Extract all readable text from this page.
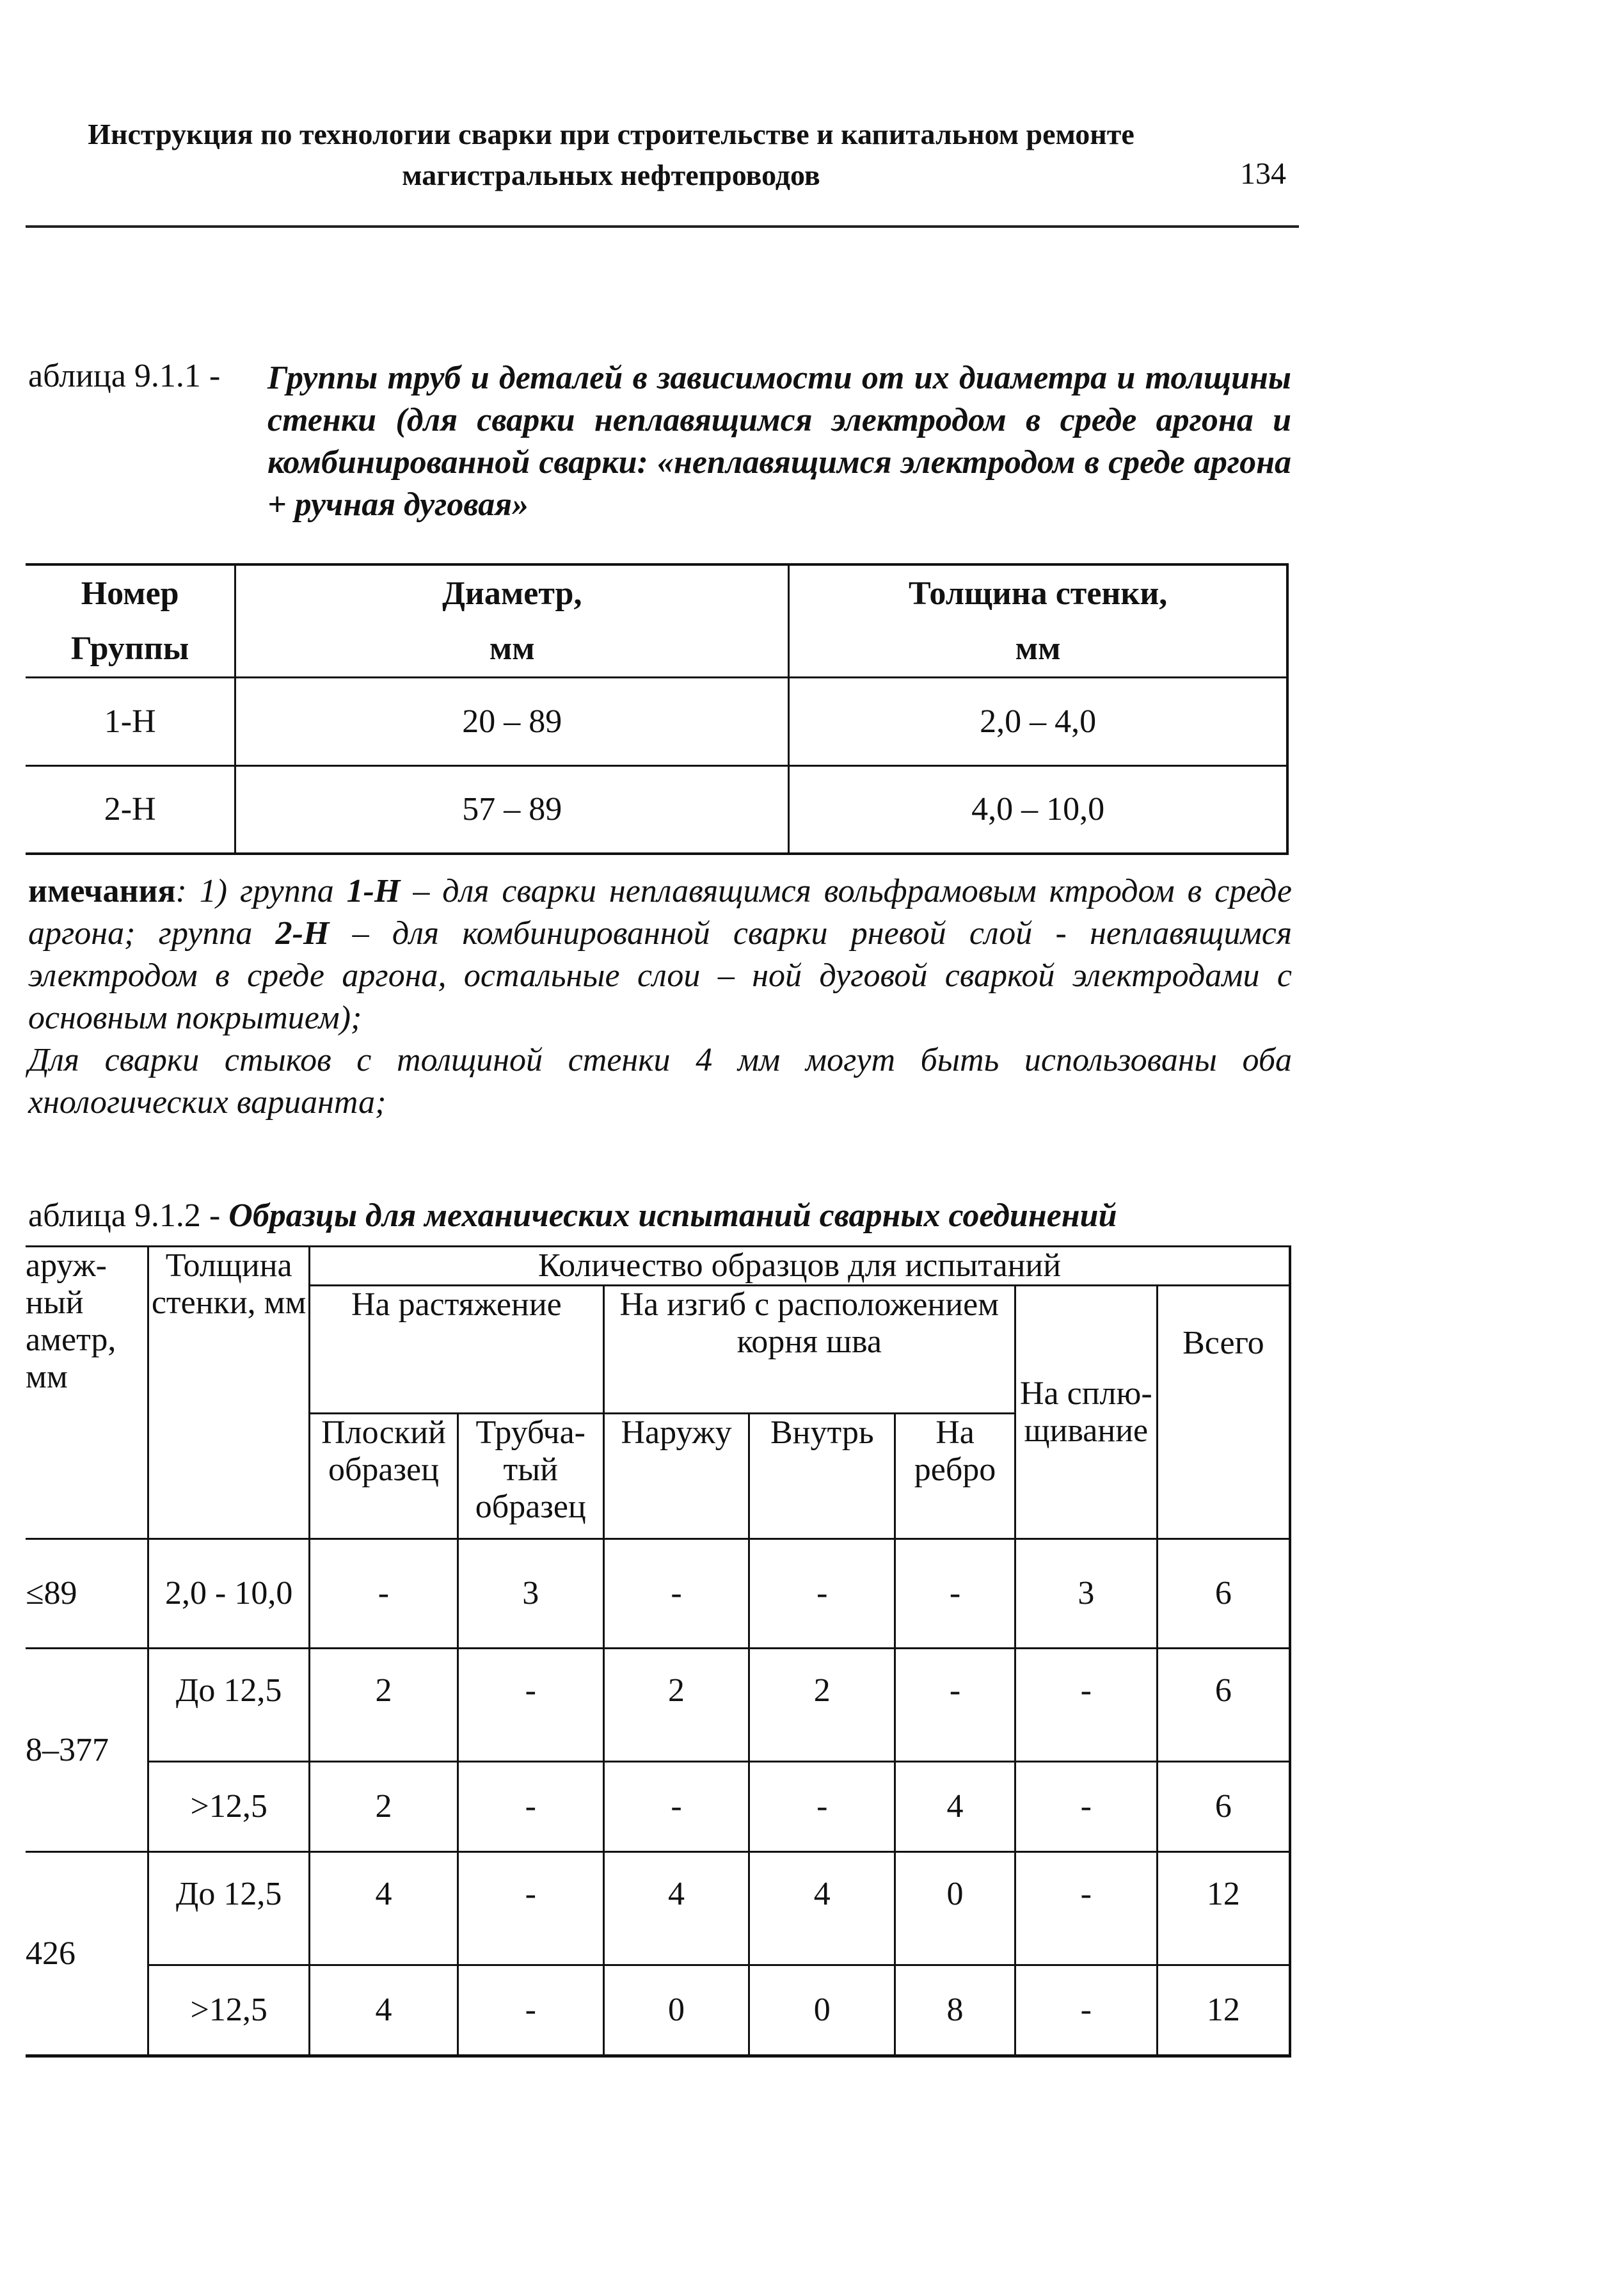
Инструкция по технологии сварки при строительстве и капитальном ремонте
магистральных нефтепроводов	134
аблица 9.1.1 - Группы труб и деталей в зависимости от их диаметра и толщины стенки (для сварки неплавящимся электродом в среде аргона и комбинированной сварки: «неплавящимся электродом в среде аргона + ручная дуговая»
Номер	Диаметр,	Толщина стенки,
Группы	мм	мм
1-Н	20 – 89	2,0 – 4,0
2-Н	57 – 89	4,0 – 10,0

имечания: 1) группа 1-Н – для сварки неплавящимся вольфрамовым ктродом в среде аргона; группа 2-Н – для комбинированной сварки рневой слой - неплавящимся электродом в среде аргона, остальные слои – ной дуговой сваркой электродами с основным покрытием);

Для сварки стыков с толщиной стенки 4 мм могут быть использованы оба хнологических варианта;

аблица 9.1.2 - Образцы для механических испытаний сварных соединений
аруж- ный аметр, мм	Толщина стенки, мм	Количество образцов для испытаний						
		На растяжение		На изгиб с расположением корня шва			На сплю- щивание	Всего
		Плоский образец	Трубча- тый образец	Наружу	Внутрь	На ребро		
≤89	2,0 - 10,0	-	3	-	-	-	3	6
8–377	До 12,5	2	-	2	2	-	-	6
	>12,5	2	-	-	-	4	-	6
426	До 12,5	4	-	4	4	0	-	12
	>12,5	4	-	0	0	8	-	12
